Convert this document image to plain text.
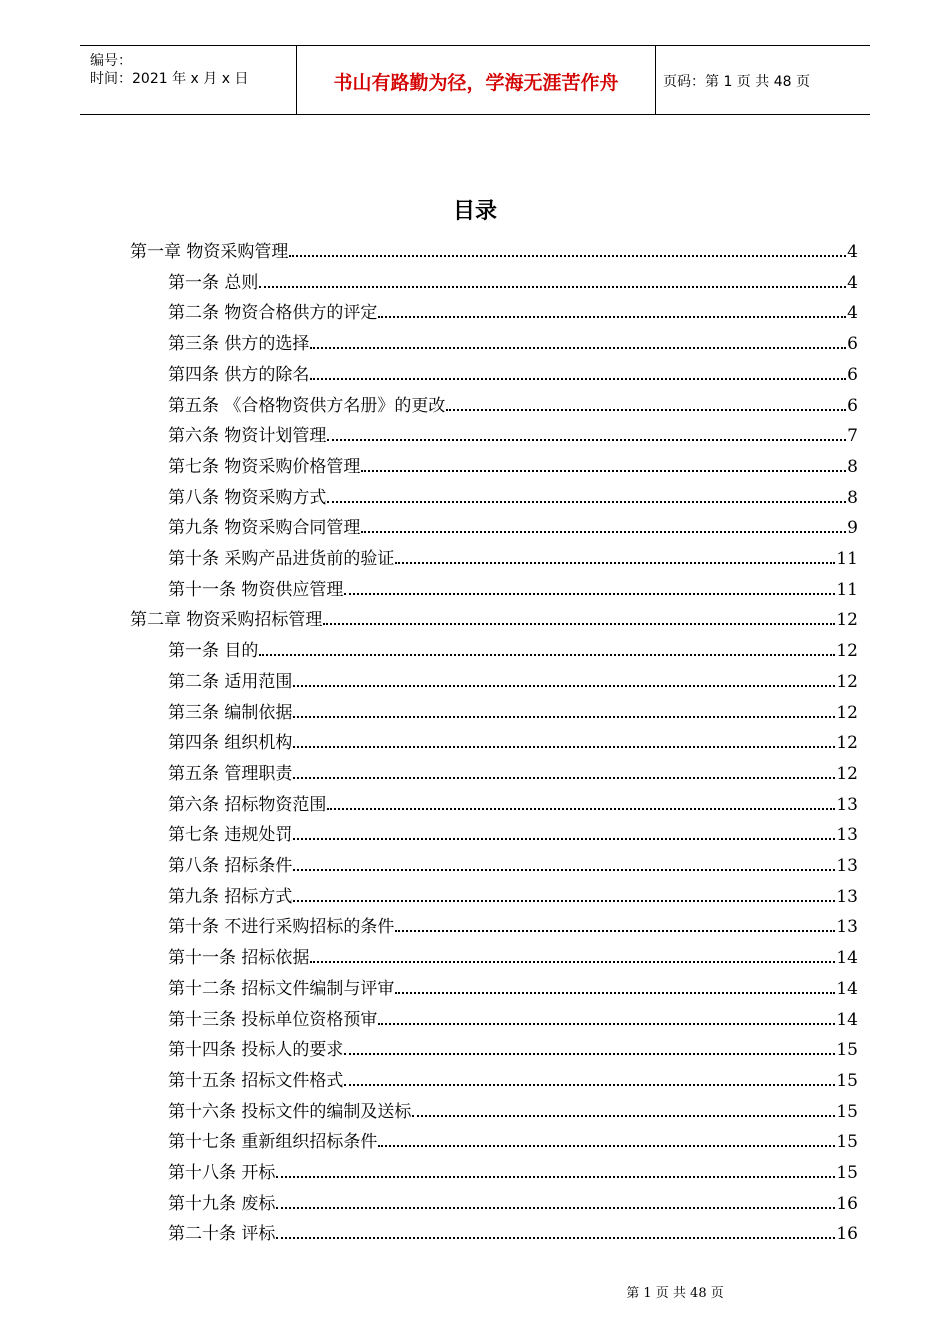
编号：
时间：2021 年 x 月 x 日	书山有路勤为径，学海无涯苦作舟	页码：第 1 页 共 48 页
目录
第一章 物资采购管理	4
第一条 总则	4
第二条 物资合格供方的评定	4
第三条 供方的选择	6
第四条 供方的除名	6
第五条 《合格物资供方名册》的更改	6
第六条 物资计划管理	7
第七条 物资采购价格管理	8
第八条 物资采购方式	8
第九条 物资采购合同管理	9
第十条 采购产品进货前的验证	11
第十一条 物资供应管理	11
第二章 物资采购招标管理	12
第一条 目的	12
第二条 适用范围	12
第三条 编制依据	12
第四条 组织机构	12
第五条 管理职责	12
第六条 招标物资范围	13
第七条 违规处罚	13
第八条 招标条件	13
第九条 招标方式	13
第十条 不进行采购招标的条件	13
第十一条 招标依据	14
第十二条 招标文件编制与评审	14
第十三条 投标单位资格预审	14
第十四条 投标人的要求	15
第十五条 招标文件格式	15
第十六条 投标文件的编制及送标	15
第十七条 重新组织招标条件	15
第十八条 开标	15
第十九条 废标	16
第二十条 评标	16
第 1 页 共 48 页
